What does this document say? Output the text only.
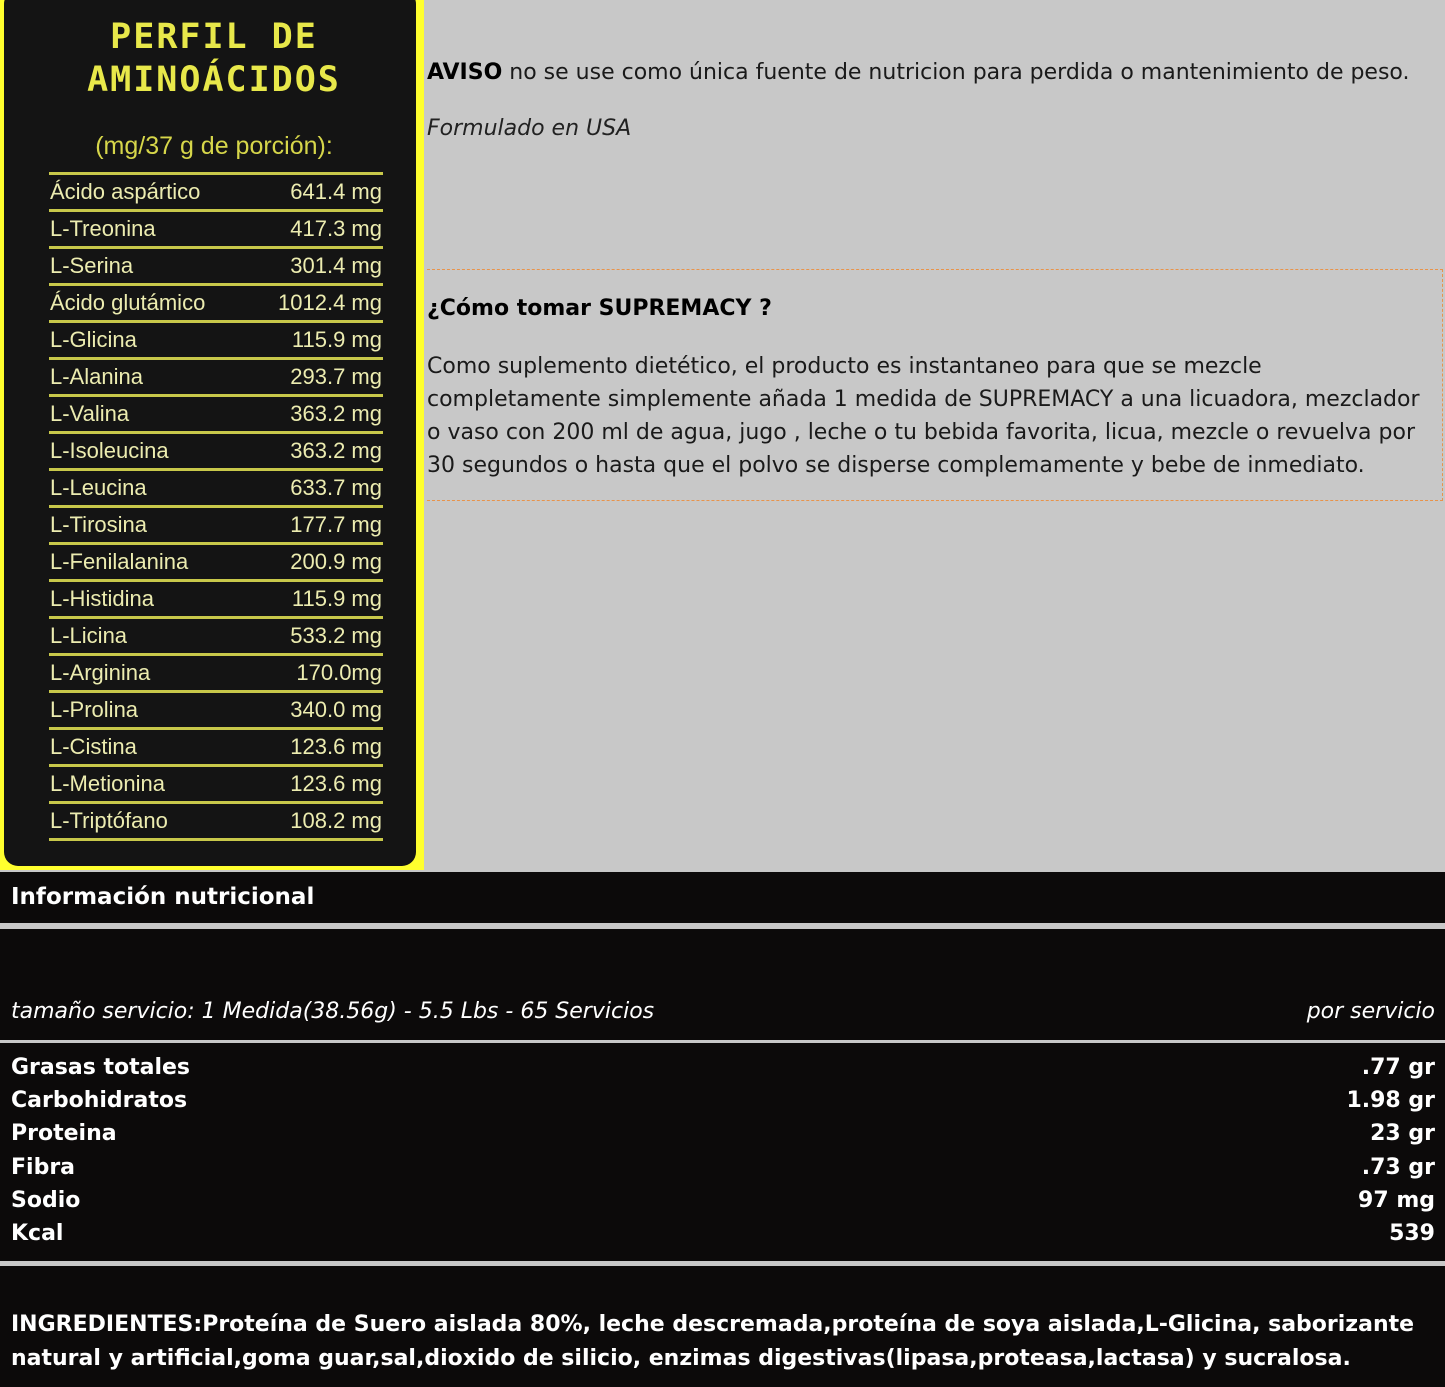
PERFIL DE
AMINOÁCIDOS
(mg/37 g de porción):
Ácido aspártico	641.4 mg
L-Treonina	417.3 mg
L-Serina	301.4 mg
Ácido glutámico	1012.4 mg
L-Glicina	115.9 mg
L-Alanina	293.7 mg
L-Valina	363.2 mg
L-Isoleucina	363.2 mg
L-Leucina	633.7 mg
L-Tirosina	177.7 mg
L-Fenilalanina	200.9 mg
L-Histidina	115.9 mg
L-Licina	533.2 mg
L-Arginina	170.0mg
L-Prolina	340.0 mg
L-Cistina	123.6 mg
L-Metionina	123.6 mg
L-Triptófano	108.2 mg
AVISO no se use como única fuente de nutricion para perdida o mantenimiento de peso.
Formulado en USA
¿Cómo tomar SUPREMACY ?
Como suplemento dietético, el producto es instantaneo para que se mezcle completamente simplemente añada 1 medida de SUPREMACY a una licuadora, mezclador o vaso con 200 ml de agua, jugo , leche o tu bebida favorita, licua, mezcle o revuelva por 30 segundos o hasta que el polvo se disperse complemamente y bebe de inmediato.
Información nutricional
tamaño servicio: 1 Medida(38.56g) - 5.5 Lbs - 65 Servicios	por servicio
Grasas totales	.77 gr
Carbohidratos	1.98 gr
Proteina	23 gr
Fibra	.73 gr
Sodio	97 mg
Kcal	539

INGREDIENTES:Proteína de Suero aislada 80%, leche descremada,proteína de soya aislada,L-Glicina, saborizante natural y artificial,goma guar,sal,dioxido de silicio, enzimas digestivas(lipasa,proteasa,lactasa) y sucralosa.
